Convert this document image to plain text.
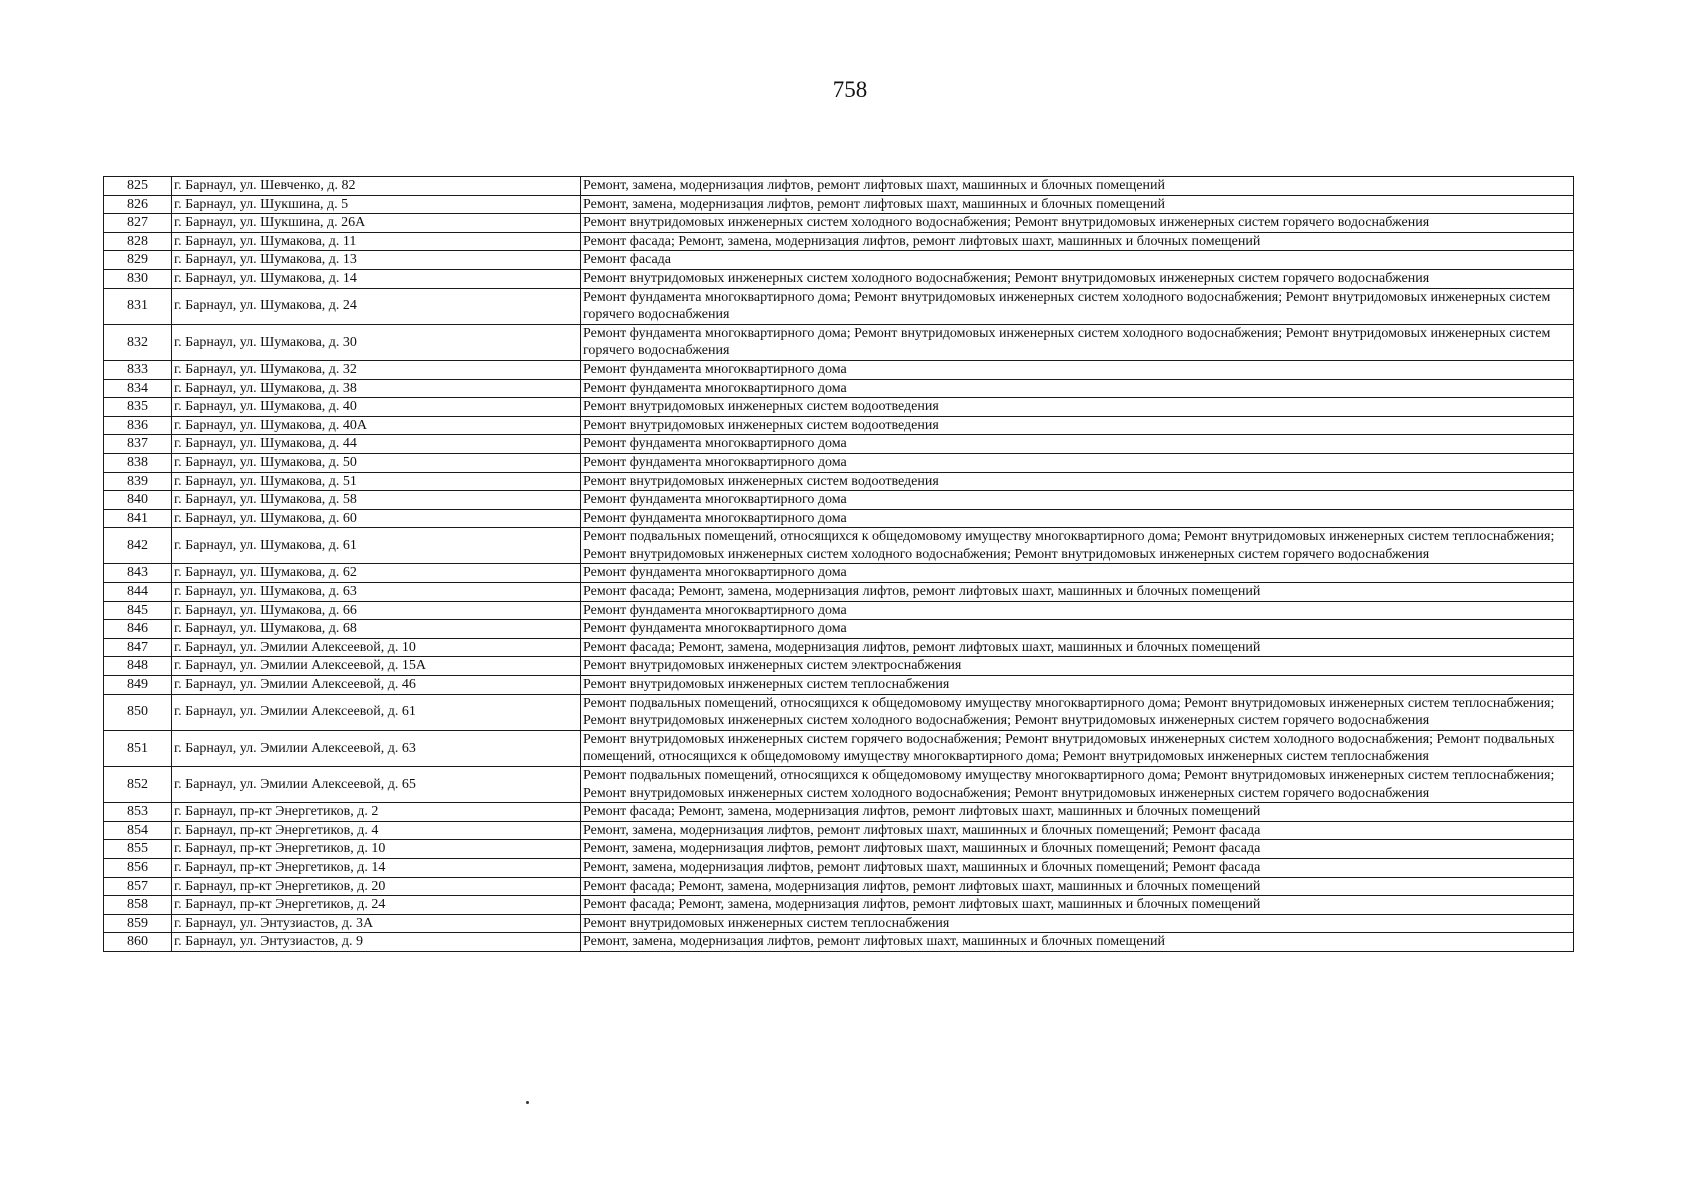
758
825	г. Барнаул, ул. Шевченко, д. 82	Ремонт, замена, модернизация лифтов, ремонт лифтовых шахт, машинных и блочных помещений
826	г. Барнаул, ул. Шукшина, д. 5	Ремонт, замена, модернизация лифтов, ремонт лифтовых шахт, машинных и блочных помещений
827	г. Барнаул, ул. Шукшина, д. 26А	Ремонт внутридомовых инженерных систем холодного водоснабжения; Ремонт внутридомовых инженерных систем горячего водоснабжения
828	г. Барнаул, ул. Шумакова, д. 11	Ремонт фасада; Ремонт, замена, модернизация лифтов, ремонт лифтовых шахт, машинных и блочных помещений
829	г. Барнаул, ул. Шумакова, д. 13	Ремонт фасада
830	г. Барнаул, ул. Шумакова, д. 14	Ремонт внутридомовых инженерных систем холодного водоснабжения; Ремонт внутридомовых инженерных систем горячего водоснабжения
831	г. Барнаул, ул. Шумакова, д. 24	Ремонт фундамента многоквартирного дома; Ремонт внутридомовых инженерных систем холодного водоснабжения; Ремонт внутридомовых инженерных систем горячего водоснабжения
832	г. Барнаул, ул. Шумакова, д. 30	Ремонт фундамента многоквартирного дома; Ремонт внутридомовых инженерных систем холодного водоснабжения; Ремонт внутридомовых инженерных систем горячего водоснабжения
833	г. Барнаул, ул. Шумакова, д. 32	Ремонт фундамента многоквартирного дома
834	г. Барнаул, ул. Шумакова, д. 38	Ремонт фундамента многоквартирного дома
835	г. Барнаул, ул. Шумакова, д. 40	Ремонт внутридомовых инженерных систем водоотведения
836	г. Барнаул, ул. Шумакова, д. 40А	Ремонт внутридомовых инженерных систем водоотведения
837	г. Барнаул, ул. Шумакова, д. 44	Ремонт фундамента многоквартирного дома
838	г. Барнаул, ул. Шумакова, д. 50	Ремонт фундамента многоквартирного дома
839	г. Барнаул, ул. Шумакова, д. 51	Ремонт внутридомовых инженерных систем водоотведения
840	г. Барнаул, ул. Шумакова, д. 58	Ремонт фундамента многоквартирного дома
841	г. Барнаул, ул. Шумакова, д. 60	Ремонт фундамента многоквартирного дома
842	г. Барнаул, ул. Шумакова, д. 61	Ремонт подвальных помещений, относящихся к общедомовому имуществу многоквартирного дома; Ремонт внутридомовых инженерных систем теплоснабжения; Ремонт внутридомовых инженерных систем холодного водоснабжения; Ремонт внутридомовых инженерных систем горячего водоснабжения
843	г. Барнаул, ул. Шумакова, д. 62	Ремонт фундамента многоквартирного дома
844	г. Барнаул, ул. Шумакова, д. 63	Ремонт фасада; Ремонт, замена, модернизация лифтов, ремонт лифтовых шахт, машинных и блочных помещений
845	г. Барнаул, ул. Шумакова, д. 66	Ремонт фундамента многоквартирного дома
846	г. Барнаул, ул. Шумакова, д. 68	Ремонт фундамента многоквартирного дома
847	г. Барнаул, ул. Эмилии Алексеевой, д. 10	Ремонт фасада; Ремонт, замена, модернизация лифтов, ремонт лифтовых шахт, машинных и блочных помещений
848	г. Барнаул, ул. Эмилии Алексеевой, д. 15А	Ремонт внутридомовых инженерных систем электроснабжения
849	г. Барнаул, ул. Эмилии Алексеевой, д. 46	Ремонт внутридомовых инженерных систем теплоснабжения
850	г. Барнаул, ул. Эмилии Алексеевой, д. 61	Ремонт подвальных помещений, относящихся к общедомовому имуществу многоквартирного дома; Ремонт внутридомовых инженерных систем теплоснабжения; Ремонт внутридомовых инженерных систем холодного водоснабжения; Ремонт внутридомовых инженерных систем горячего водоснабжения
851	г. Барнаул, ул. Эмилии Алексеевой, д. 63	Ремонт внутридомовых инженерных систем горячего водоснабжения; Ремонт внутридомовых инженерных систем холодного водоснабжения; Ремонт подвальных помещений, относящихся к общедомовому имуществу многоквартирного дома; Ремонт внутридомовых инженерных систем теплоснабжения
852	г. Барнаул, ул. Эмилии Алексеевой, д. 65	Ремонт подвальных помещений, относящихся к общедомовому имуществу многоквартирного дома; Ремонт внутридомовых инженерных систем теплоснабжения; Ремонт внутридомовых инженерных систем холодного водоснабжения; Ремонт внутридомовых инженерных систем горячего водоснабжения
853	г. Барнаул, пр-кт Энергетиков, д. 2	Ремонт фасада; Ремонт, замена, модернизация лифтов, ремонт лифтовых шахт, машинных и блочных помещений
854	г. Барнаул, пр-кт Энергетиков, д. 4	Ремонт, замена, модернизация лифтов, ремонт лифтовых шахт, машинных и блочных помещений; Ремонт фасада
855	г. Барнаул, пр-кт Энергетиков, д. 10	Ремонт, замена, модернизация лифтов, ремонт лифтовых шахт, машинных и блочных помещений; Ремонт фасада
856	г. Барнаул, пр-кт Энергетиков, д. 14	Ремонт, замена, модернизация лифтов, ремонт лифтовых шахт, машинных и блочных помещений; Ремонт фасада
857	г. Барнаул, пр-кт Энергетиков, д. 20	Ремонт фасада; Ремонт, замена, модернизация лифтов, ремонт лифтовых шахт, машинных и блочных помещений
858	г. Барнаул, пр-кт Энергетиков, д. 24	Ремонт фасада; Ремонт, замена, модернизация лифтов, ремонт лифтовых шахт, машинных и блочных помещений
859	г. Барнаул, ул. Энтузиастов, д. 3А	Ремонт внутридомовых инженерных систем теплоснабжения
860	г. Барнаул, ул. Энтузиастов, д. 9	Ремонт, замена, модернизация лифтов, ремонт лифтовых шахт, машинных и блочных помещений
